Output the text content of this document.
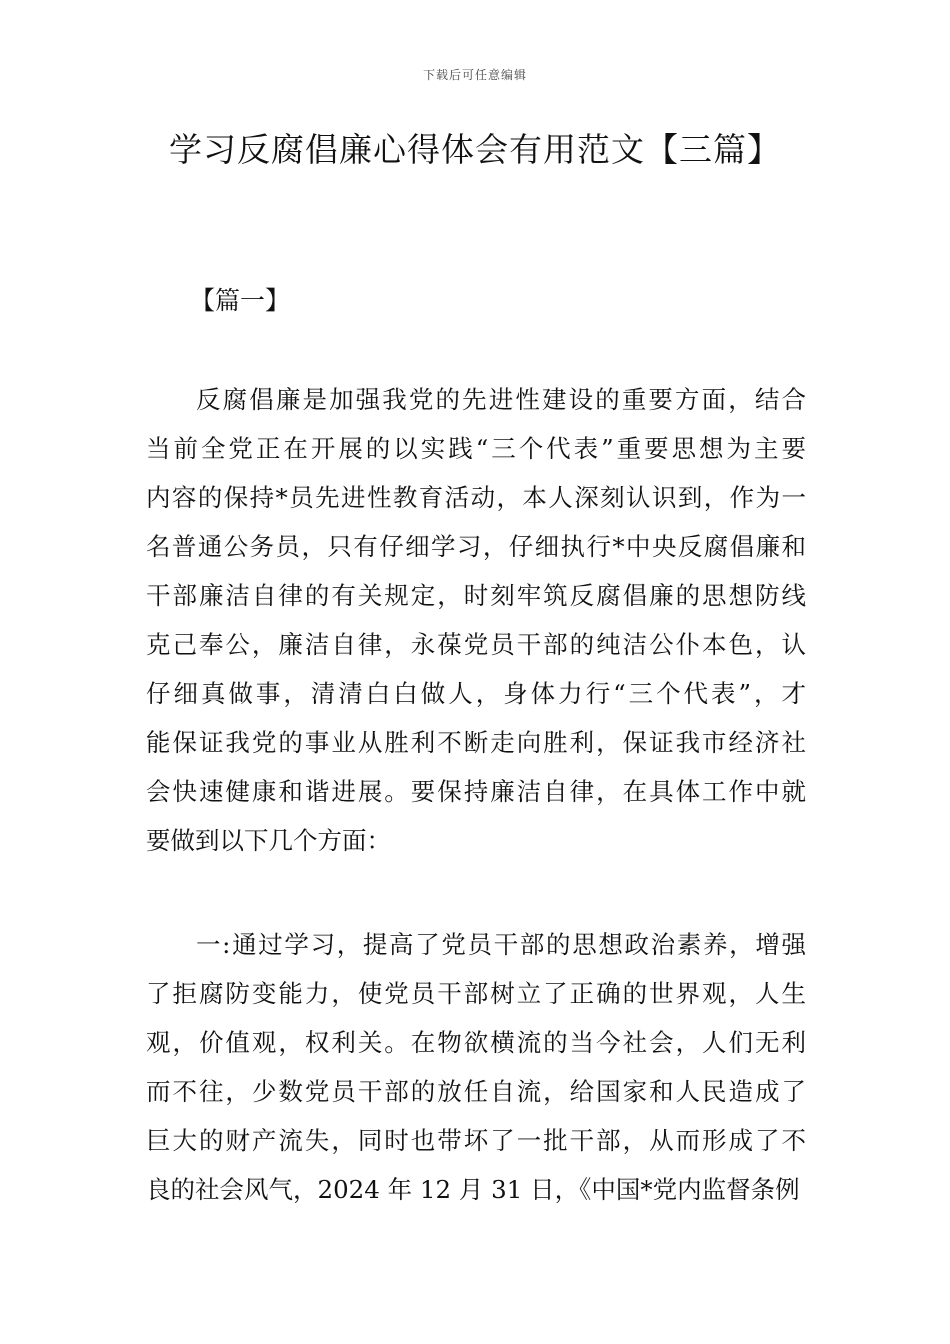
下载后可任意编辑
学习反腐倡廉心得体会有用范文【三篇】
【篇一】
反腐倡廉是加强我党的先进性建设的重要方面，结合
当前全党正在开展的以实践“三个代表”重要思想为主要
内容的保持*员先进性教育活动，本人深刻认识到，作为一
名普通公务员，只有仔细学习，仔细执行*中央反腐倡廉和
干部廉洁自律的有关规定，时刻牢筑反腐倡廉的思想防线
克己奉公，廉洁自律，永葆党员干部的纯洁公仆本色，认
仔细真做事，清清白白做人，身体力行“三个代表”，才
能保证我党的事业从胜利不断走向胜利，保证我市经济社
会快速健康和谐进展。要保持廉洁自律，在具体工作中就
要做到以下几个方面：
一:通过学习，提高了党员干部的思想政治素养，增强
了拒腐防变能力，使党员干部树立了正确的世界观，人生
观，价值观，权利关。在物欲横流的当今社会，人们无利
而不往，少数党员干部的放任自流，给国家和人民造成了
巨大的财产流失，同时也带坏了一批干部，从而形成了不
良的社会风气，2024 年 12 月 31 日，《中国*党内监督条例
